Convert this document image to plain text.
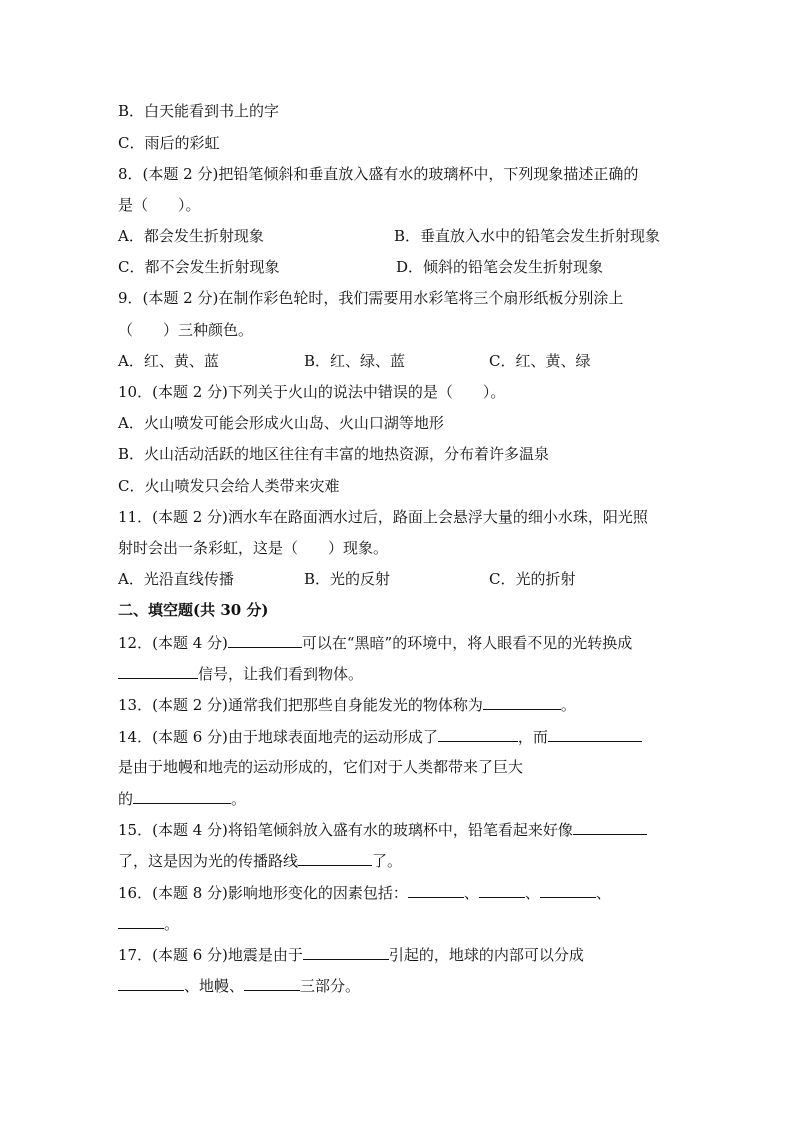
B．白天能看到书上的字
C．雨后的彩虹
8．(本题 2 分)把铅笔倾斜和垂直放入盛有水的玻璃杯中，下列现象描述正确的
是（　　）。
A．都会发生折射现象	B．垂直放入水中的铅笔会发生折射现象
C．都不会发生折射现象	D．倾斜的铅笔会发生折射现象
9．(本题 2 分)在制作彩色轮时，我们需要用水彩笔将三个扇形纸板分别涂上
（　　）三种颜色。
A．红、黄、蓝	B．红、绿、蓝	C．红、黄、绿
10．(本题 2 分)下列关于火山的说法中错误的是（　　）。
A．火山喷发可能会形成火山岛、火山口湖等地形
B．火山活动活跃的地区往往有丰富的地热资源，分布着许多温泉
C．火山喷发只会给人类带来灾难
11．(本题 2 分)洒水车在路面洒水过后，路面上会悬浮大量的细小水珠，阳光照
射时会出一条彩虹，这是（　　）现象。
A．光沿直线传播	B．光的反射	C．光的折射
二、填空题(共 30 分)
12．(本题 4 分)	可以在“黑暗”的环境中，将人眼看不见的光转换成
信号，让我们看到物体。
13．(本题 2 分)通常我们把那些自身能发光的物体称为	。
14．(本题 6 分)由于地球表面地壳的运动形成了	，而
是由于地幔和地壳的运动形成的，它们对于人类都带来了巨大
的	。
15．(本题 4 分)将铅笔倾斜放入盛有水的玻璃杯中，铅笔看起来好像
了，这是因为光的传播路线	了。
16．(本题 8 分)影响地形变化的因素包括：	、	、	、
。
17．(本题 6 分)地震是由于	引起的，地球的内部可以分成
、地幔、	三部分。
